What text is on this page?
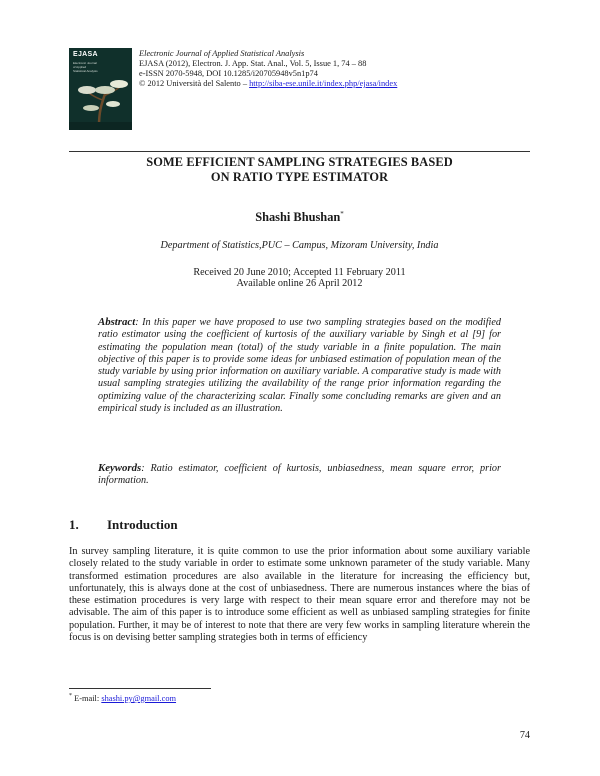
EJASA
Electronic Journal of Applied Statistical Analysis
Electronic Journal of Applied Statistical Analysis
EJASA (2012), Electron. J. App. Stat. Anal., Vol. 5, Issue 1, 74 – 88
e-ISSN 2070-5948, DOI 10.1285/i20705948v5n1p74
© 2012 Università del Salento – http://siba-ese.unile.it/index.php/ejasa/index
SOME EFFICIENT SAMPLING STRATEGIES BASED
ON RATIO TYPE ESTIMATOR
Shashi Bhushan*
Department of Statistics,PUC – Campus, Mizoram University, India
Received 20 June 2010; Accepted 11 February 2011
Available online 26 April 2012
Abstract: In this paper we have proposed to use two sampling strategies based on the modified ratio estimator using the coefficient of kurtosis of the auxiliary variable by Singh et al [9] for estimating the population mean (total) of the study variable in a finite population. The main objective of this paper is to provide some ideas for unbiased estimation of population mean of the study variable by using prior information on auxiliary variable. A comparative study is made with usual sampling strategies utilizing the availability of the range prior information regarding the optimizing value of the characterizing scalar. Finally some concluding remarks are given and an empirical study is included as an illustration.
Keywords: Ratio estimator, coefficient of kurtosis, unbiasedness, mean square error, prior information.
1. Introduction
In survey sampling literature, it is quite common to use the prior information about some auxiliary variable closely related to the study variable in order to estimate some unknown parameter of the study variable. Many transformed estimation procedures are also available in the literature for increasing the efficiency but, unfortunately, this is always done at the cost of unbiasedness. There are numerous instances where the bias of these estimation procedures is very large with respect to their mean square error and therefore may not be advisable. The aim of this paper is to introduce some efficient as well as unbiased sampling strategies for finite population. Further, it may be of interest to note that there are very few works in sampling literature wherein the focus is on devising better sampling strategies both in terms of efficiency
* E-mail: shashi.py@gmail.com
74
